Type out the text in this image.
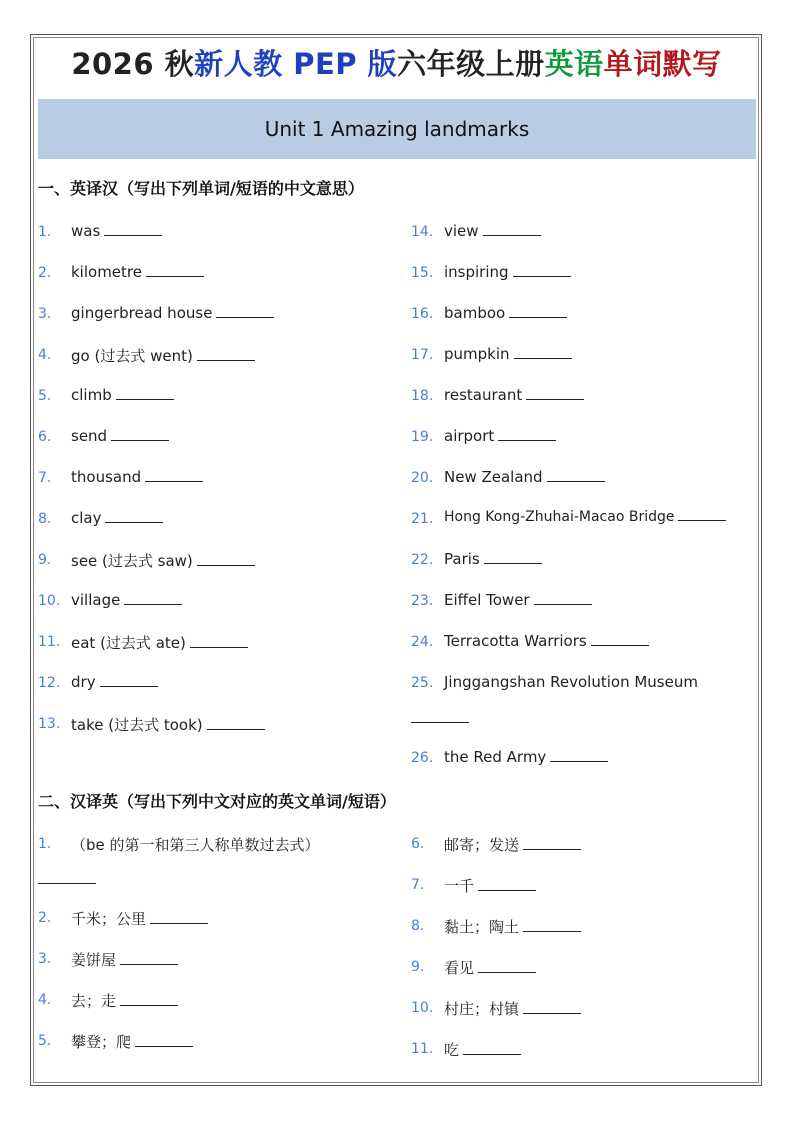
2026 秋新人教 PEP 版六年级上册英语单词默写
Unit 1 Amazing landmarks
一、英译汉（写出下列单词/短语的中文意思）
1. was
2. kilometre
3. gingerbread house
4. go (过去式 went)
5. climb
6. send
7. thousand
8. clay
9. see (过去式 saw)
10. village
11. eat (过去式 ate)
12. dry
13. take (过去式 took)
14. view
15. inspiring
16. bamboo
17. pumpkin
18. restaurant
19. airport
20. New Zealand
21. Hong Kong-Zhuhai-Macao Bridge
22. Paris
23. Eiffel Tower
24. Terracotta Warriors
25. Jinggangshan Revolution Museum
26. the Red Army
二、汉译英（写出下列中文对应的英文单词/短语）
1. （be 的第一和第三人称单数过去式）
2. 千米；公里
3. 姜饼屋
4. 去；走
5. 攀登；爬
6. 邮寄；发送
7. 一千
8. 黏土；陶土
9. 看见
10. 村庄；村镇
11. 吃
